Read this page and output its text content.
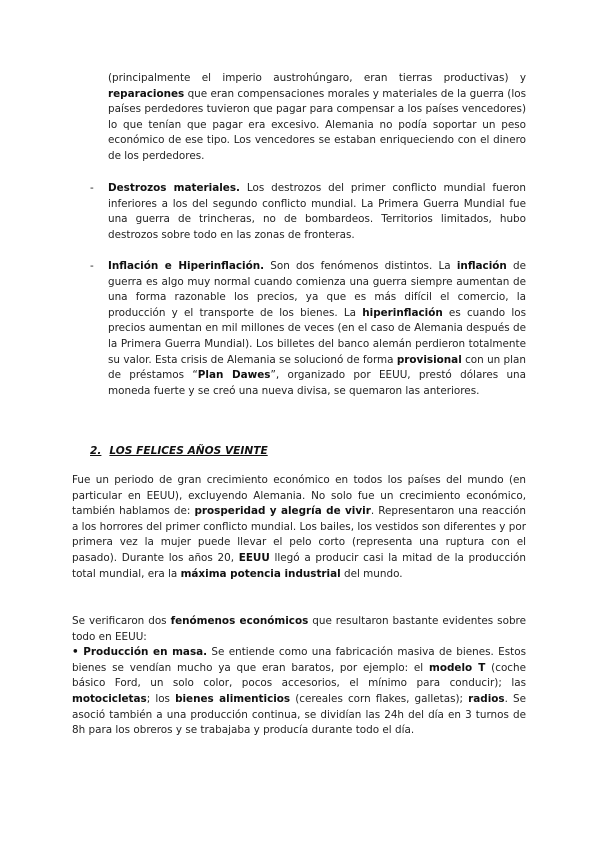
(principalmente el imperio austrohúngaro, eran tierras productivas) y reparaciones que eran compensaciones morales y materiales de la guerra (los países perdedores tuvieron que pagar para compensar a los países vencedores) lo que tenían que pagar era excesivo. Alemania no podía soportar un peso económico de ese tipo. Los vencedores se estaban enriqueciendo con el dinero de los perdedores.

- Destrozos materiales. Los destrozos del primer conflicto mundial fueron inferiores a los del segundo conflicto mundial. La Primera Guerra Mundial fue una guerra de trincheras, no de bombardeos. Territorios limitados, hubo destrozos sobre todo en las zonas de fronteras.

- Inflación e Hiperinflación. Son dos fenómenos distintos. La inflación de guerra es algo muy normal cuando comienza una guerra siempre aumentan de una forma razonable los precios, ya que es más difícil el comercio, la producción y el transporte de los bienes. La hiperinflación es cuando los precios aumentan en mil millones de veces (en el caso de Alemania después de la Primera Guerra Mundial). Los billetes del banco alemán perdieron totalmente su valor. Esta crisis de Alemania se solucionó de forma provisional con un plan de préstamos “Plan Dawes”, organizado por EEUU, prestó dólares una moneda fuerte y se creó una nueva divisa, se quemaron las anteriores.

2. LOS FELICES AÑOS VEINTE

Fue un periodo de gran crecimiento económico en todos los países del mundo (en particular en EEUU), excluyendo Alemania. No solo fue un crecimiento económico, también hablamos de: prosperidad y alegría de vivir. Representaron una reacción a los horrores del primer conflicto mundial. Los bailes, los vestidos son diferentes y por primera vez la mujer puede llevar el pelo corto (representa una ruptura con el pasado). Durante los años 20, EEUU llegó a producir casi la mitad de la producción total mundial, era la máxima potencia industrial del mundo.

Se verificaron dos fenómenos económicos que resultaron bastante evidentes sobre todo en EEUU:
• Producción en masa. Se entiende como una fabricación masiva de bienes. Estos bienes se vendían mucho ya que eran baratos, por ejemplo: el modelo T (coche básico Ford, un solo color, pocos accesorios, el mínimo para conducir); las motocicletas; los bienes alimenticios (cereales corn flakes, galletas); radios. Se asoció también a una producción continua, se dividían las 24h del día en 3 turnos de 8h para los obreros y se trabajaba y producía durante todo el día.
